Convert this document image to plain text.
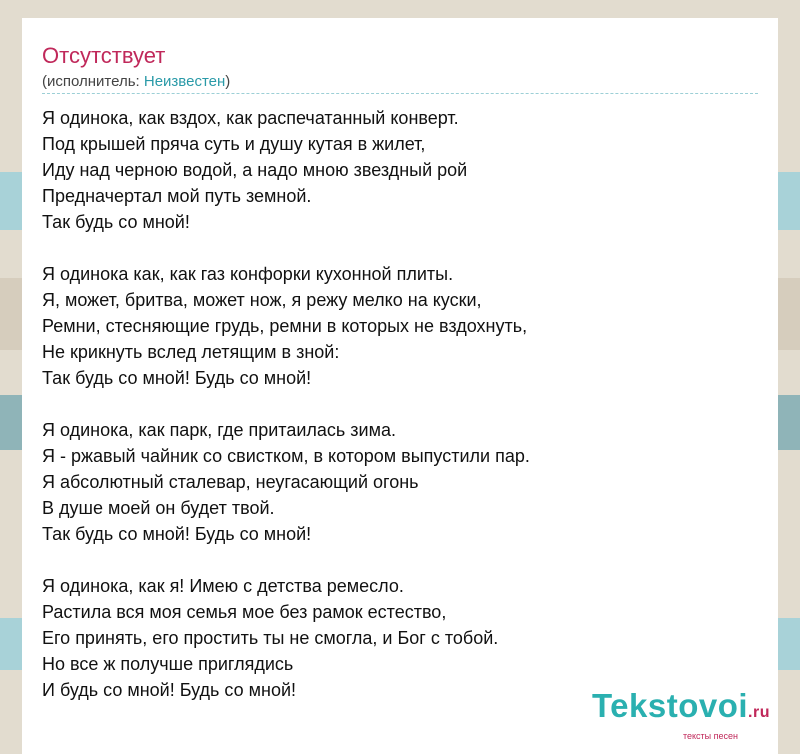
Отсутствует
(исполнитель: Неизвестен)
Я одинока, как вздох, как распечатанный конверт.
Под крышей пряча суть и душу кутая в жилет,
Иду над черною водой, а надо мною звездный рой
Предначертал мой путь земной.
Так будь со мной!
Я одинока как, как газ конфорки кухонной плиты.
Я, может, бритва, может нож, я режу мелко на куски,
Ремни, стесняющие грудь, ремни в которых не вздохнуть,
Не крикнуть вслед летящим в зной:
Так будь со мной! Будь со мной!
Я одинока, как парк, где притаилась зима.
Я - ржавый чайник со свистком, в котором выпустили пар.
Я абсолютный сталевар, неугасающий огонь
В душе моей он будет твой.
Так будь со мной! Будь со мной!
Я одинока, как я! Имею с детства ремесло.
Растила вся моя семья мое без рамок естество,
Его принять, его простить ты не смогла, и Бог с тобой.
Но все ж получше приглядись
И будь со мной! Будь со мной!	Tekstovoi.ru
тексты песен
